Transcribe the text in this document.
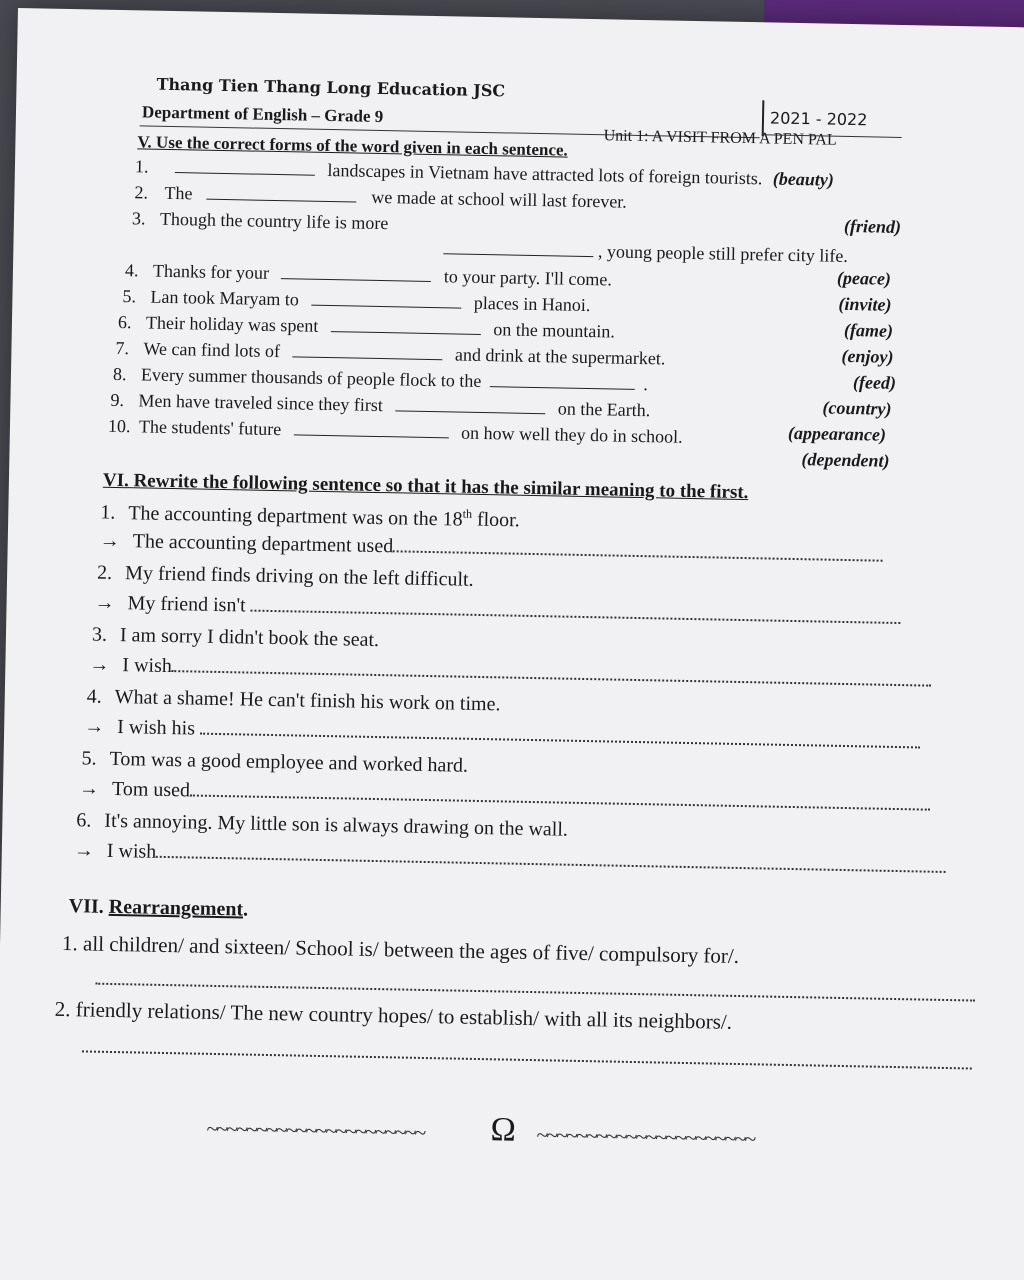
Thang Tien Thang Long Education JSC
Department of English – Grade 9	2021 - 2022
Unit 1: A VISIT FROM A PEN PAL
V. Use the correct forms of the word given in each sentence.
1.	landscapes in Vietnam have attracted lots of foreign tourists. (beauty)
2. The	we made at school will last forever.
(friend)
3. Though the country life is more
, young people still prefer city life.
4. Thanks for your	to your party. I'll come.	(peace)
5. Lan took Maryam to	places in Hanoi.	(invite)
6. Their holiday was spent	on the mountain.	(fame)
7. We can find lots of	and drink at the supermarket.	(enjoy)
8. Every summer thousands of people flock to the	.	(feed)
9. Men have traveled since they first	on the Earth.	(country)
10. The students' future	on how well they do in school.	(appearance)
(dependent)
VI. Rewrite the following sentence so that it has the similar meaning to the first.
1. The accounting department was on the 18th floor.
→ The accounting department used
2. My friend finds driving on the left difficult.
→ My friend isn't
3. I am sorry I didn't book the seat.
→ I wish
4. What a shame! He can't finish his work on time.
→ I wish his
5. Tom was a good employee and worked hard.
→ Tom used
6. It's annoying. My little son is always drawing on the wall.
→ I wish
VII. Rearrangement.
1. all children/ and sixteen/ School is/ between the ages of five/ compulsory for/.
2. friendly relations/ The new country hopes/ to establish/ with all its neighbors/.
~~~~~~~~~~~~~~~~~~~~~~ Ω ~~~~~~~~~~~~~~~~~~~~~~
